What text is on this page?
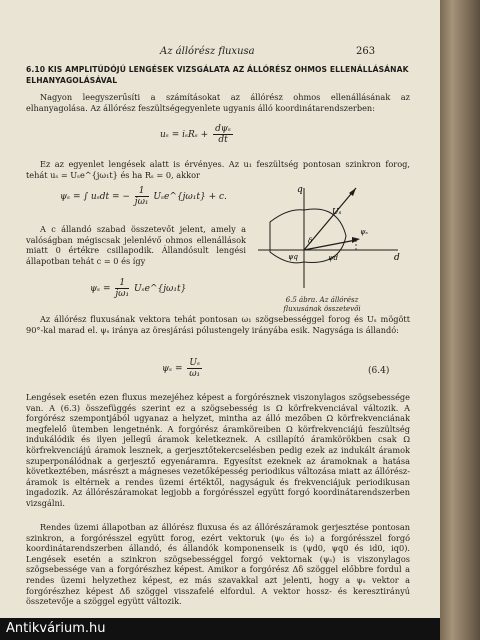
Az állórész fluxusa	263
6.10 KIS AMPLITÚDÓJÚ LENGÉSEK VIZSGÁLATA AZ ÁLLÓRÉSZ OHMOS ELLENÁLLÁSÁNAK ELHANYAGOLÁSÁVAL
Nagyon leegyszerűsíti a számításokat az állórész ohmos ellenállásának az elhanyagolása. Az állórész feszültségegyenlete ugyanis álló koordinátarendszerben:
uₛ = iₛRₛ +
dψₛ
dt
Ez az egyenlet lengések alatt is érvényes. Az u₁ feszültség pontosan szinkron forog, tehát uₛ = Uₛe^{jω₁t} és ha Rₛ = 0, akkor
ψₛ = ∫ uₛdt = − $\frac{1}{\text{jω₁}}$ Uₛe^{jω₁t} + c.
A c állandó szabad összetevőt jelent, amely a valóságban mégiscsak jelenlévő ohmos ellenállások miatt 0 értékre csillapodik. Állandósult lengési állapotban tehát c = 0 és így
$\psi_s = \frac{1}{\text{jω₁}}$ Uₛe^{jω₁t}
q
Uₛ
δ
ψq
ψₛ
ψd	d
6.5 ábra. Az állórész
fluxusának összetevői
Az állórész fluxusának vektora tehát pontosan ω₁ szögsebességgel forog és Uₛ mögött 90°-kal marad el. ψₛ iránya az öresjárási pólustengely irányába esik. Nagysága is állandó:
$\psi_s = \frac{\text{Uₛ}}{\text{ω₁}}$	(6.4)
Lengések esetén ezen fluxus mezejéhez képest a forgórésznek viszonylagos szögsebessége van. A (6.3) összefüggés szerint ez a szögsebesség is Ω körfrekvenciával változik. A forgórész szempontjából ugyanaz a helyzet, mintha az álló mezőben Ω körfrekvenciának megfelelő ütemben lengetnénk. A forgórész áramköreiben Ω körfrekvenciájú feszültség indukálódik és ilyen jellegű áramok keletkeznek. A csillapító áramkörökben csak Ω körfrekvenciájú áramok lesznek, a gerjesztőtekercselésben pedig ezek az indukált áramok szuperponálódnak a gerjesztő egyenáramra. Egyesítst ezeknek az áramoknak a hatása következtében, másrészt a mágneses vezetőképesség periodikus változása miatt az állórész-áramok is eltérnek a rendes üzemi értéktől, nagyságuk és frekvenciájuk periodikusan ingadozik. Az állórészáramokat legjobb a forgórésszel együtt forgó koordinátarendszerben vizsgálni.
Rendes üzemi állapotban az állórész fluxusa és az állórészáramok gerjesztése pontosan szinkron, a forgórésszel együtt forog, ezért vektoruk (ψ₀ és i₀) a forgórésszel forgó koordinátarendszerben állandó, és állandók komponenseik is (ψd0, ψq0 és id0, iq0). Lengések esetén a szinkron szögsebességgel forgó vektornak (ψₛ) is viszonylagos szögsebessége van a forgórészhez képest. Amikor a forgórész Δδ szöggel előbbre fordul a rendes üzemi helyzethez képest, ez más szavakkal azt jelenti, hogy a ψₛ vektor a forgórészhez képest Δδ szöggel visszafelé elfordul. A vektor hossz- és keresztirányú összetevője a szöggel együtt változik.
Antikvárium.hu
